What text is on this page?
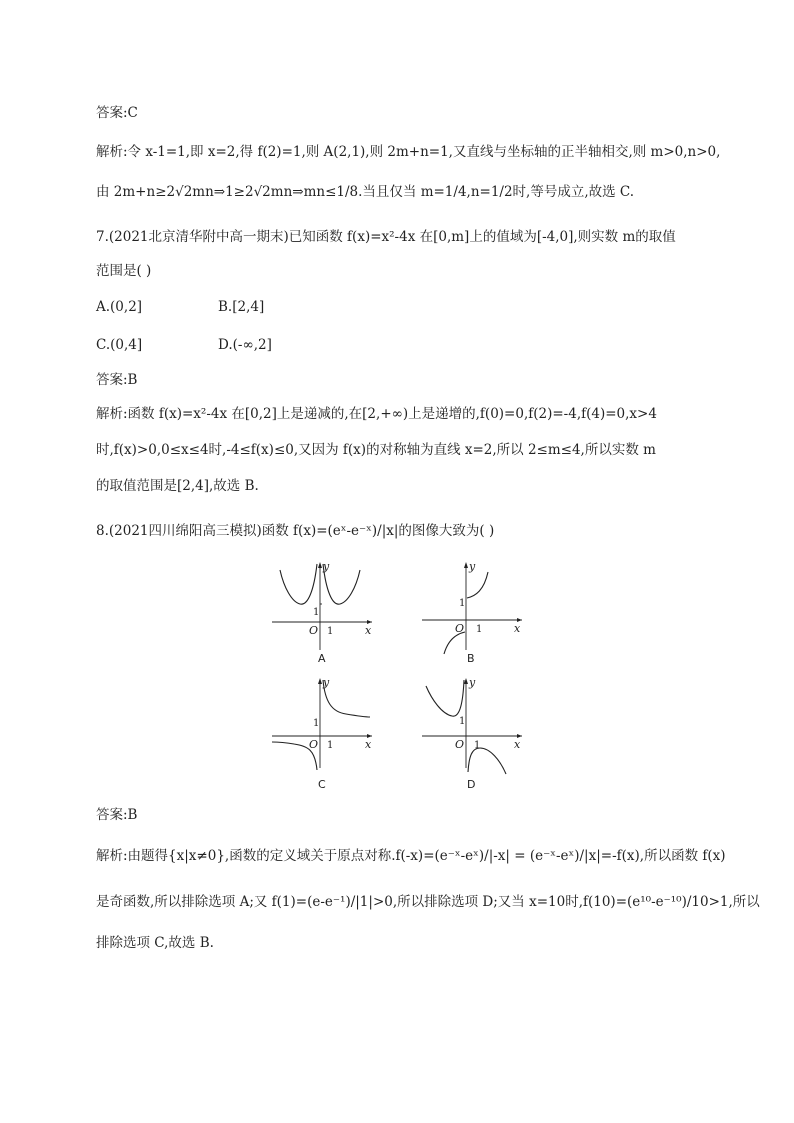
答案:C
解析:令 x-1=1,即 x=2,得 f(2)=1,则 A(2,1),则 2m+n=1,又直线与坐标轴的正半轴相交,则 m>0,n>0,
由 2m+n≥2√2mn⇒1≥2√2mn⇒mn≤1/8.当且仅当 m=1/4,n=1/2时,等号成立,故选 C.
7.(2021北京清华附中高一期末)已知函数 f(x)=x²-4x 在[0,m]上的值域为[-4,0],则实数 m的取值
范围是( )
A.(0,2]	B.[2,4]
C.(0,4]	D.(-∞,2]
答案:B
解析:函数 f(x)=x²-4x 在[0,2]上是递减的,在[2,+∞)上是递增的,f(0)=0,f(2)=-4,f(4)=0,x>4
时,f(x)>0,0≤x≤4时,-4≤f(x)≤0,又因为 f(x)的对称轴为直线 x=2,所以 2≤m≤4,所以实数 m
的取值范围是[2,4],故选 B.
8.(2021四川绵阳高三模拟)函数 f(x)=(eˣ-e⁻ˣ)/|x|的图像大致为( )
y
x
O
1
1
A
y
x
O
1
1
B
y
x
O
1
1
C
y
x
O
1
1
D
答案:B
解析:由题得{x|x≠0},函数的定义域关于原点对称.f(-x)=(e⁻ˣ-eˣ)/|-x| = (e⁻ˣ-eˣ)/|x|=-f(x),所以函数 f(x)
是奇函数,所以排除选项 A;又 f(1)=(e-e⁻¹)/|1|>0,所以排除选项 D;又当 x=10时,f(10)=(e¹⁰-e⁻¹⁰)/10>1,所以
排除选项 C,故选 B.
